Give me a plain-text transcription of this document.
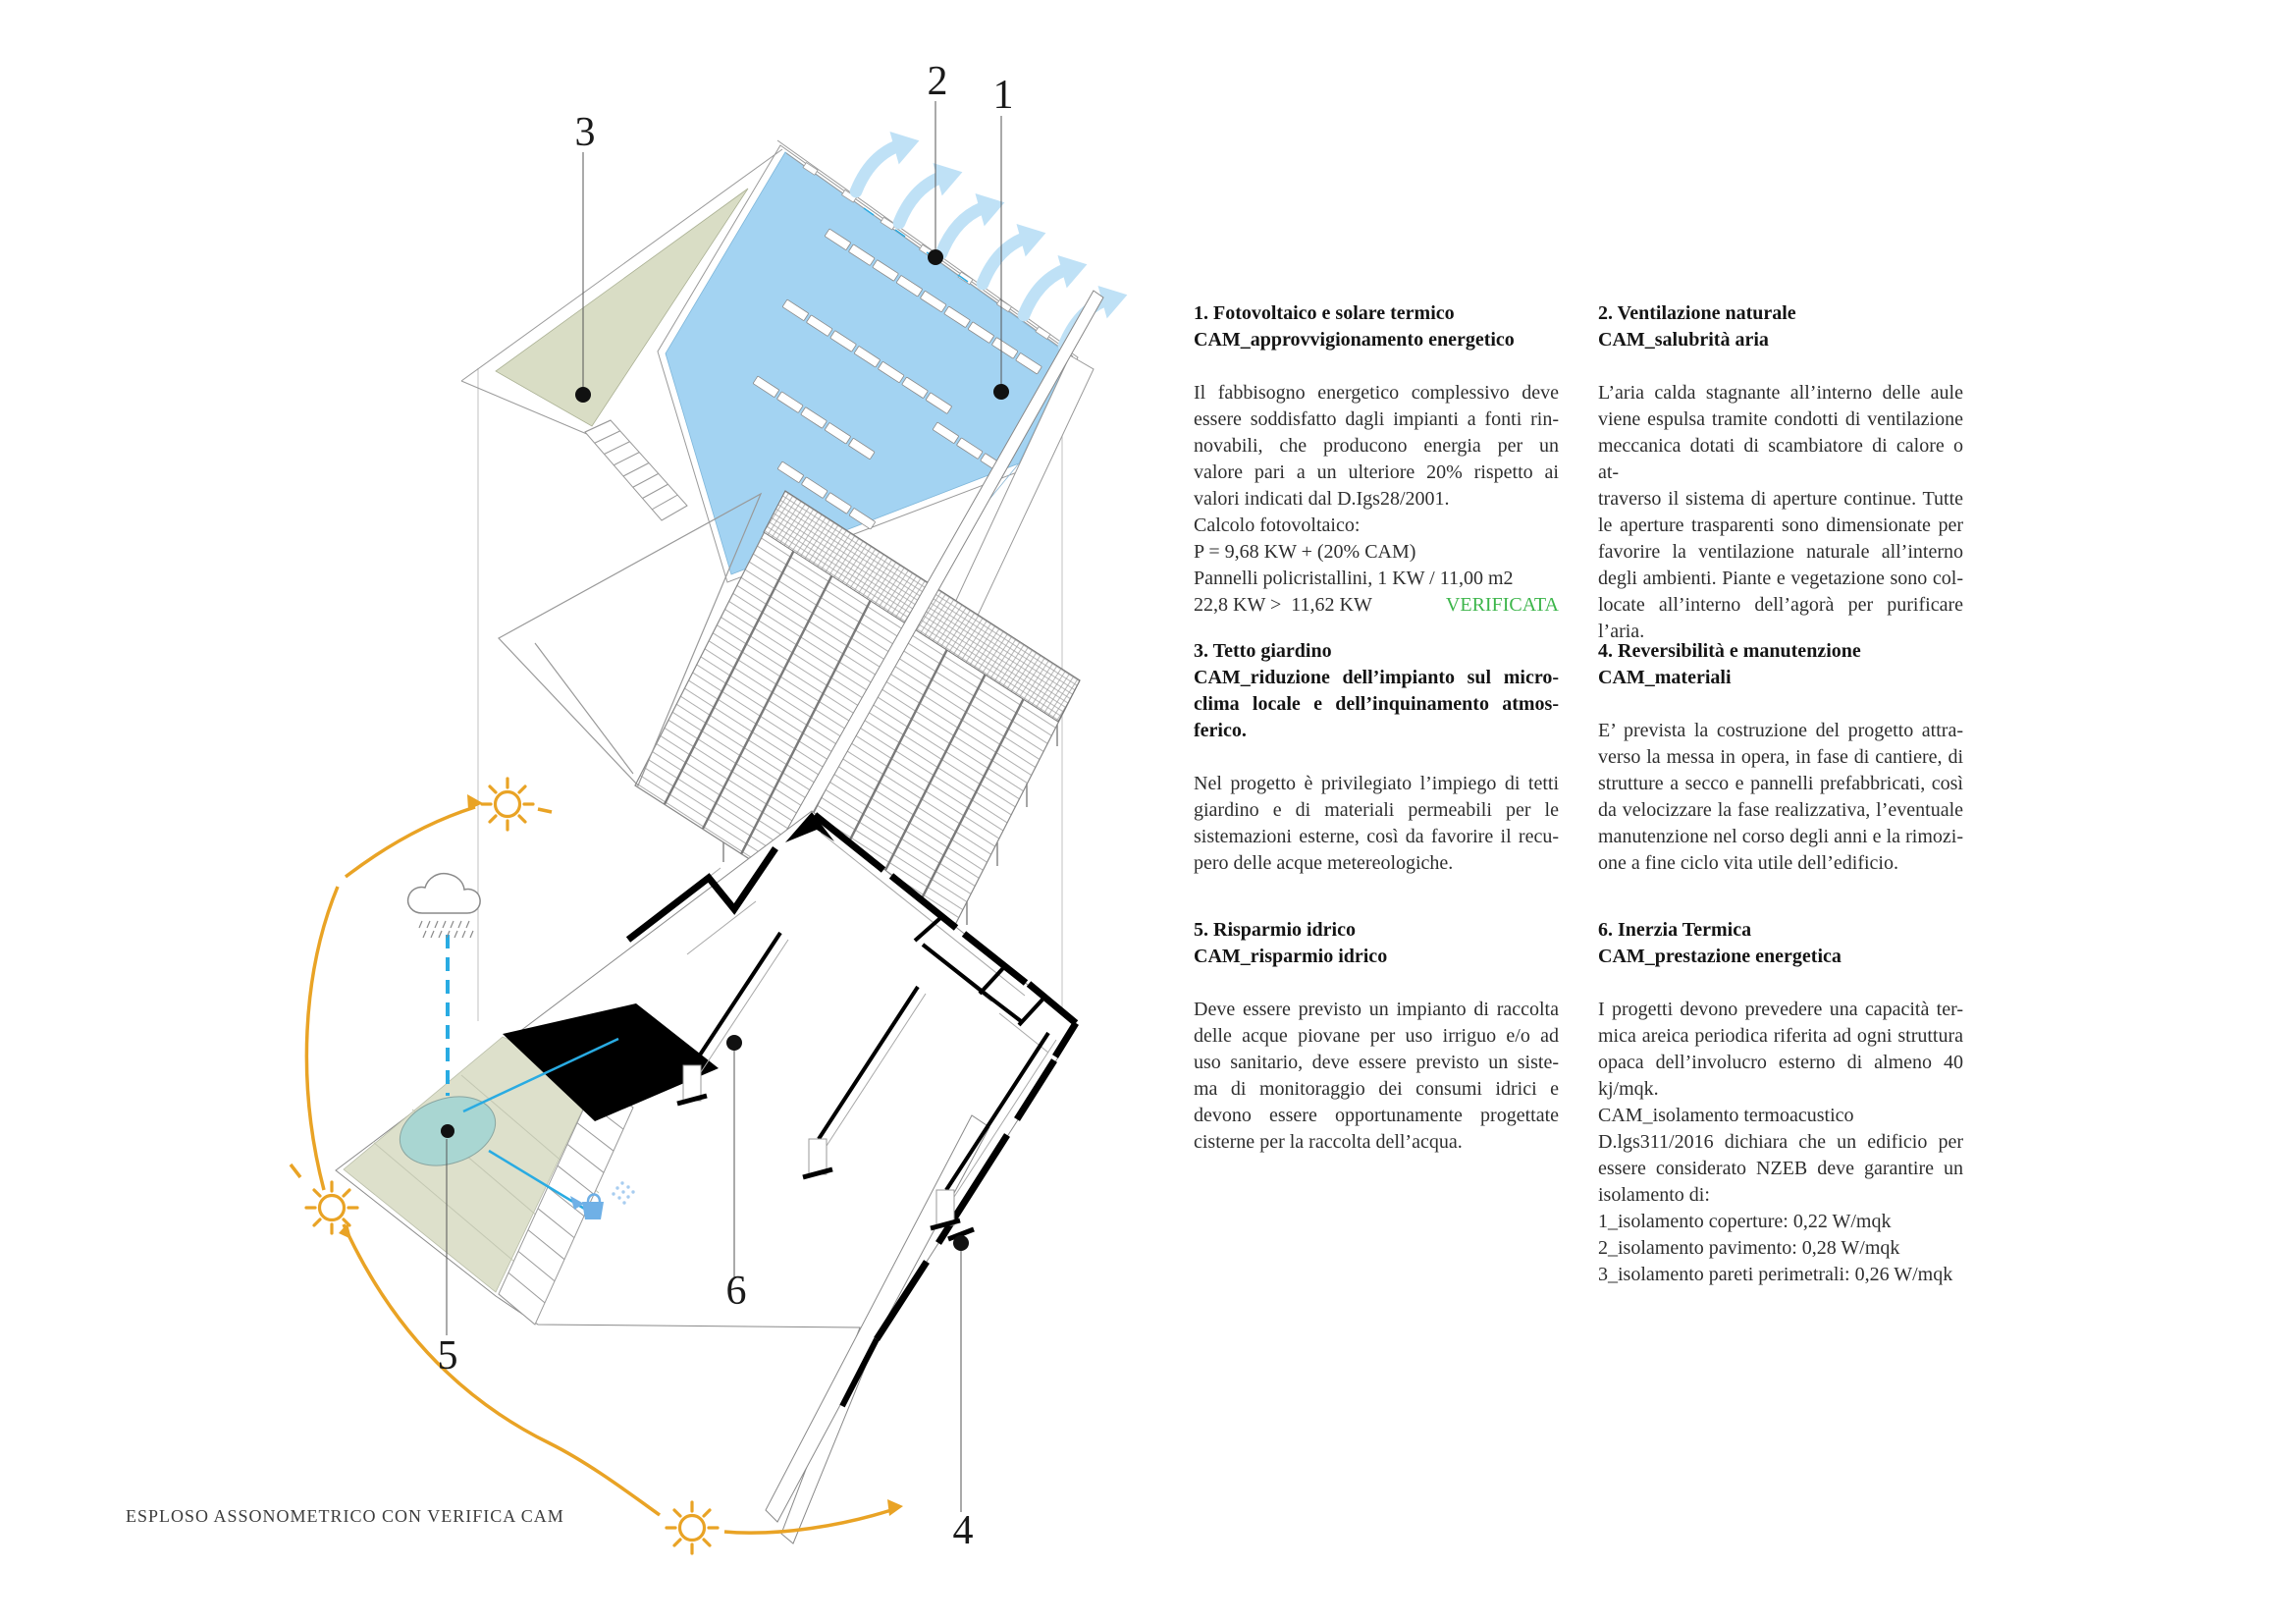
1
2
3
4
5
6
ESPLOSO ASSONOMETRICO CON VERIFICA CAM
1. Fotovoltaico e solare termico
CAM_approvvigionamento energetico
Il fabbisogno energetico complessivo deve
essere soddisfatto dagli impianti a fonti rin-
novabili, che producono energia per un
valore pari a un ulteriore 20% rispetto ai
valori indicati dal D.Igs28/2001.
Calcolo fotovoltaico:
P = 9,68 KW + (20% CAM)
Pannelli policristallini, 1 KW / 11,00 m2
22,8 KW >  11,62 KW	VERIFICATA
2. Ventilazione naturale
CAM_salubrità aria
L’aria calda stagnante all’interno delle aule
viene espulsa tramite condotti di ventilazione
meccanica dotati di scambiatore di calore o at-
traverso il sistema di aperture continue. Tutte
le aperture trasparenti sono dimensionate per
favorire la ventilazione naturale all’interno
degli ambienti. Piante e vegetazione sono col-
locate all’interno dell’agorà per purificare
l’aria.
3. Tetto giardino
CAM_riduzione dell’impianto sul micro-
clima locale e dell’inquinamento atmos-
ferico.
Nel progetto è privilegiato l’impiego di tetti
giardino e di materiali permeabili per le
sistemazioni esterne, così da favorire il recu-
pero delle acque metereologiche.
4. Reversibilità e manutenzione
CAM_materiali
E’ prevista la costruzione del progetto attra-
verso la messa in opera, in fase di cantiere, di
strutture a secco e pannelli prefabbricati, così
da velocizzare la fase realizzativa, l’eventuale
manutenzione nel corso degli anni e la rimozi-
one a fine ciclo vita utile dell’edificio.
5. Risparmio idrico
CAM_risparmio idrico
Deve essere previsto un impianto di raccolta
delle acque piovane per uso irriguo e/o ad
uso sanitario, deve essere previsto un siste-
ma di monitoraggio dei consumi idrici e
devono essere opportunamente progettate
cisterne per la raccolta dell’acqua.
6. Inerzia Termica
CAM_prestazione energetica
I progetti devono prevedere una capacità ter-
mica areica periodica riferita ad ogni struttura
opaca dell’involucro esterno di almeno 40
kj/mqk.
CAM_isolamento termoacustico
D.lgs311/2016 dichiara che un edificio per
essere considerato NZEB deve garantire un
isolamento di:
1_isolamento coperture: 0,22 W/mqk
2_isolamento pavimento: 0,28 W/mqk
3_isolamento pareti perimetrali: 0,26 W/mqk
